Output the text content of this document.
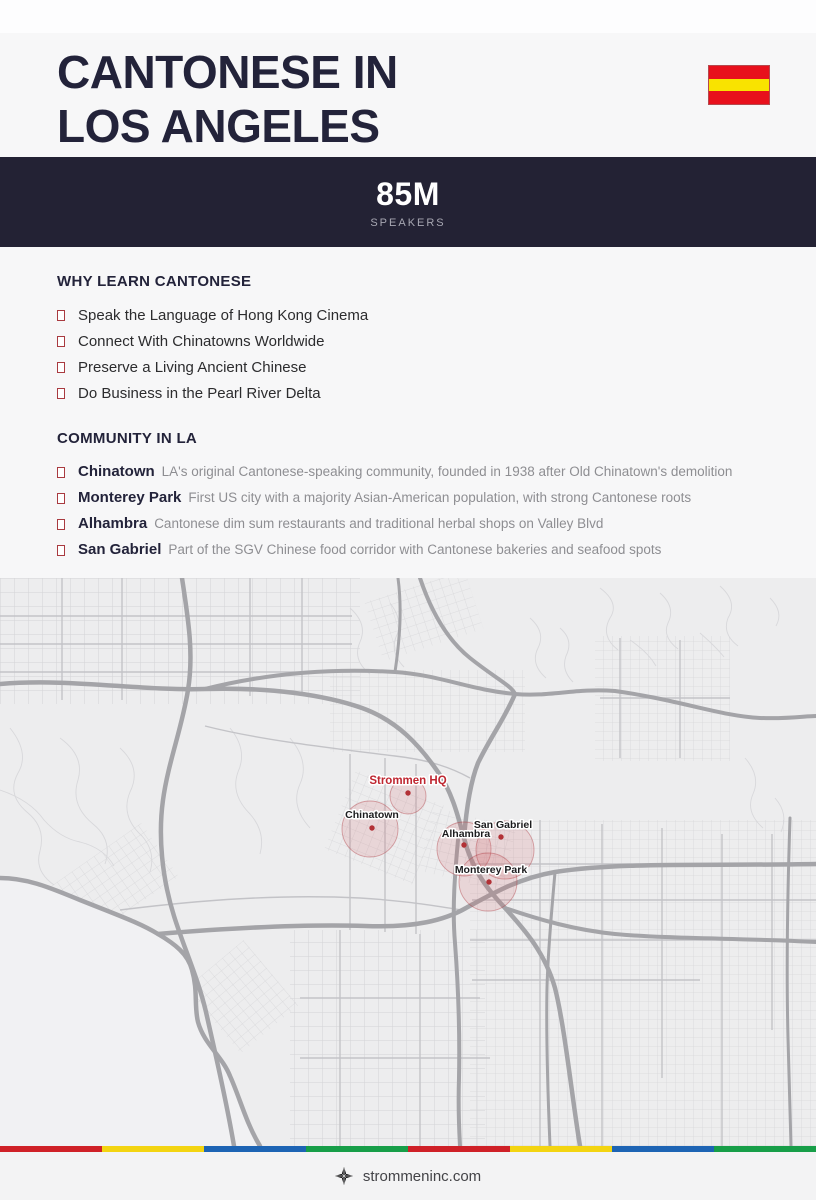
CANTONESE IN
LOS ANGELES
85M
SPEAKERS
WHY LEARN CANTONESE
Speak the Language of Hong Kong Cinema
Connect With Chinatowns Worldwide
Preserve a Living Ancient Chinese
Do Business in the Pearl River Delta
COMMUNITY IN LA
Chinatown LA's original Cantonese-speaking community, founded in 1938 after Old Chinatown's demolition
Monterey Park First US city with a majority Asian-American population, with strong Cantonese roots
Alhambra Cantonese dim sum restaurants and traditional herbal shops on Valley Blvd
San Gabriel Part of the SGV Chinese food corridor with Cantonese bakeries and seafood spots
Strommen HQ
Chinatown
Alhambra
San Gabriel
Monterey Park
strommeninc.com
